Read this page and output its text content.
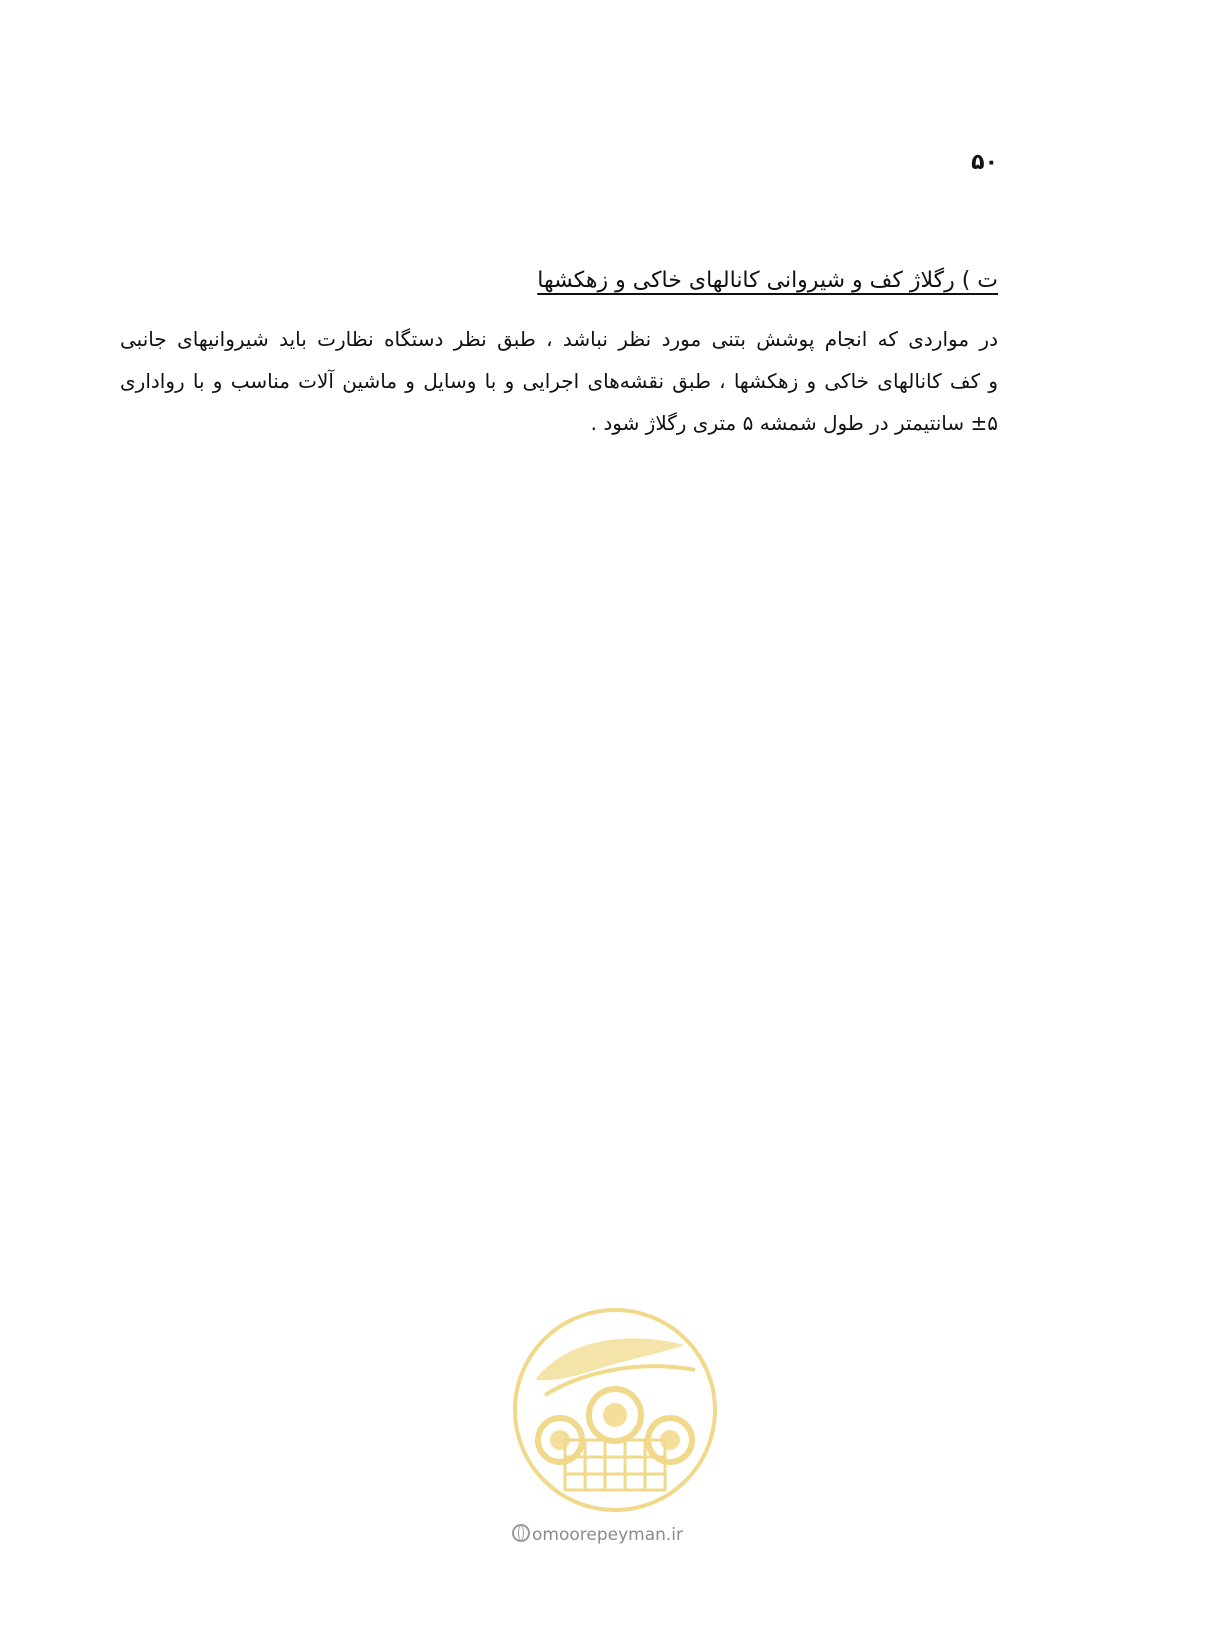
۵۰
ت ) رگلاژ کف و شیروانی کانالهای خاکی و زهکشها
در مواردی که انجام پوشش بتنی مورد نظر نباشد ، طبق نظر دستگاه نظارت باید شیروانیهای جانبی
و کف کانالهای خاکی و زهکشها ، طبق نقشه‌های اجرایی و با وسایل و ماشین آلات مناسب و با رواداری
±۵ سانتیمتر در طول شمشه ۵ متری رگلاژ شود .
omoorepeyman.ir
